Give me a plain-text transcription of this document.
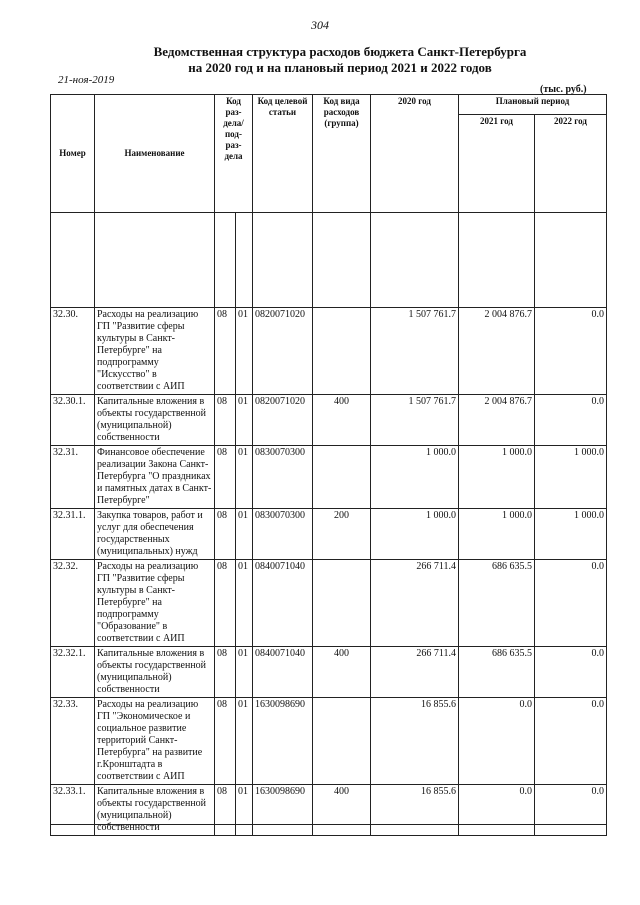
304
Ведомственная структура расходов бюджета Санкт-Петербурга
на 2020 год и на плановый период 2021 и 2022 годов
21-ноя-2019
(тыс. руб.)
Номер	Наименование	Код раз-дела/ под-раз-дела		Код целевой статьи	Код вида расходов (группа)	2020 год	Плановый период	
							2021 год	2022 год

32.30.	Расходы на реализацию ГП "Развитие сферы культуры в Санкт-Петербурге" на подпрограмму "Искусство" в соответствии с АИП	08	01	0820071020		1 507 761.7	2 004 876.7	0.0
32.30.1.	Капитальные вложения в объекты государственной (муниципальной) собственности	08	01	0820071020	400	1 507 761.7	2 004 876.7	0.0
32.31.	Финансовое обеспечение реализации Закона Санкт-Петербурга "О праздниках и памятных датах в Санкт-Петербурге"	08	01	0830070300		1 000.0	1 000.0	1 000.0
32.31.1.	Закупка товаров, работ и услуг для обеспечения государственных (муниципальных) нужд	08	01	0830070300	200	1 000.0	1 000.0	1 000.0
32.32.	Расходы на реализацию ГП "Развитие сферы культуры в Санкт-Петербурге" на подпрограмму "Образование" в соответствии с АИП	08	01	0840071040		266 711.4	686 635.5	0.0
32.32.1.	Капитальные вложения в объекты государственной (муниципальной) собственности	08	01	0840071040	400	266 711.4	686 635.5	0.0
32.33.	Расходы на реализацию ГП "Экономическое и социальное развитие территорий Санкт-Петербурга" на развитие г.Кронштадта в соответствии с АИП	08	01	1630098690		16 855.6	0.0	0.0
32.33.1.	Капитальные вложения в объекты государственной (муниципальной) собственности	08	01	1630098690	400	16 855.6	0.0	0.0
